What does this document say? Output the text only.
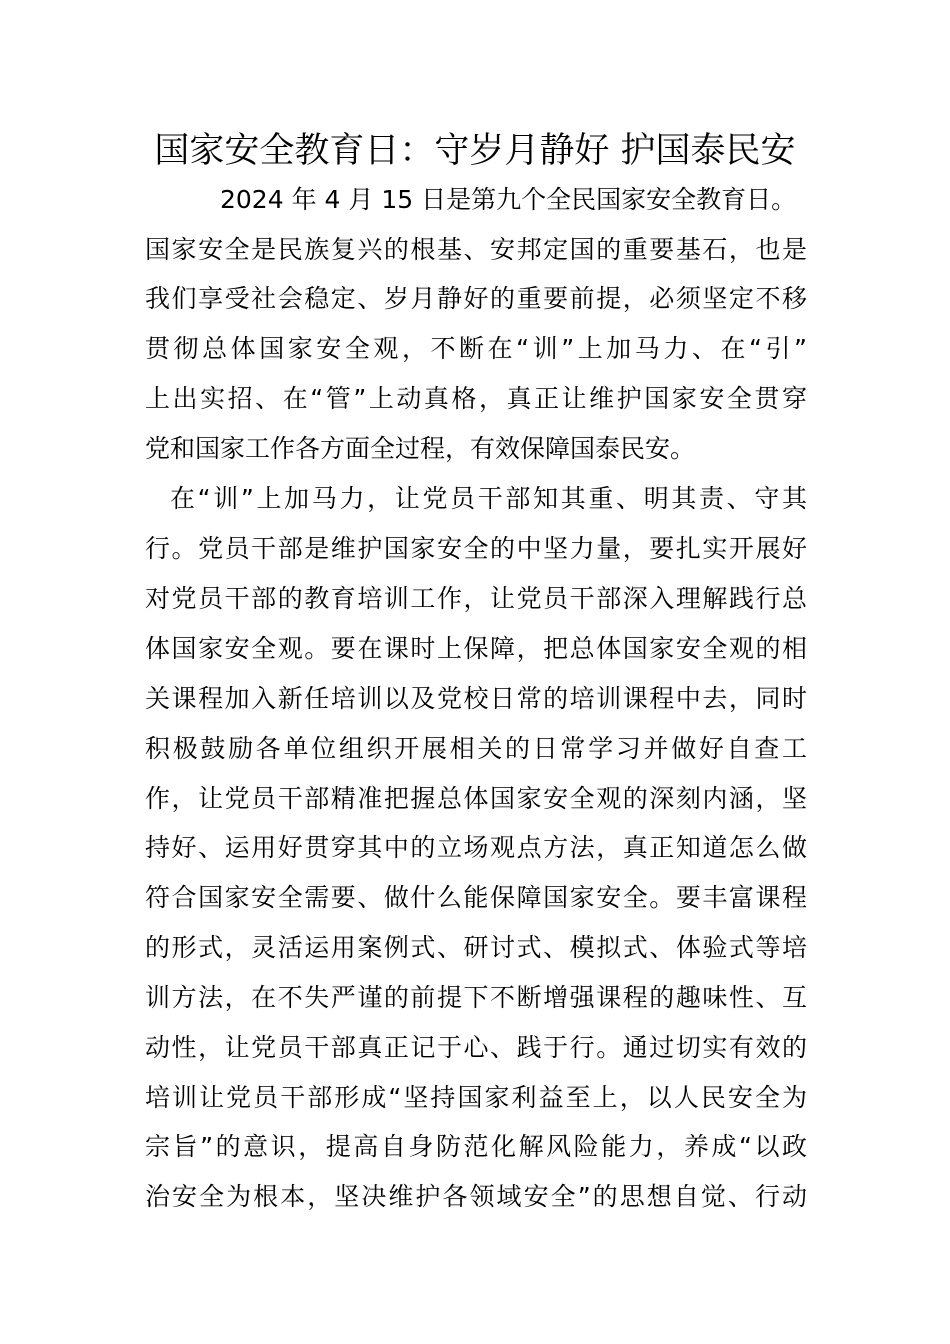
国家安全教育日：守岁月静好 护国泰民安
2024 年 4 月 15 日是第九个全民国家安全教育日。
国家安全是民族复兴的根基、安邦定国的重要基石，也是
我们享受社会稳定、岁月静好的重要前提，必须坚定不移
贯彻总体国家安全观，不断在“训”上加马力、在“引”
上出实招、在“管”上动真格，真正让维护国家安全贯穿
党和国家工作各方面全过程，有效保障国泰民安。
在“训”上加马力，让党员干部知其重、明其责、守其
行。党员干部是维护国家安全的中坚力量，要扎实开展好
对党员干部的教育培训工作，让党员干部深入理解践行总
体国家安全观。要在课时上保障，把总体国家安全观的相
关课程加入新任培训以及党校日常的培训课程中去，同时
积极鼓励各单位组织开展相关的日常学习并做好自查工
作，让党员干部精准把握总体国家安全观的深刻内涵，坚
持好、运用好贯穿其中的立场观点方法，真正知道怎么做
符合国家安全需要、做什么能保障国家安全。要丰富课程
的形式，灵活运用案例式、研讨式、模拟式、体验式等培
训方法，在不失严谨的前提下不断增强课程的趣味性、互
动性，让党员干部真正记于心、践于行。通过切实有效的
培训让党员干部形成“坚持国家利益至上，以人民安全为
宗旨”的意识，提高自身防范化解风险能力，养成“以政
治安全为根本，坚决维护各领域安全”的思想自觉、行动
